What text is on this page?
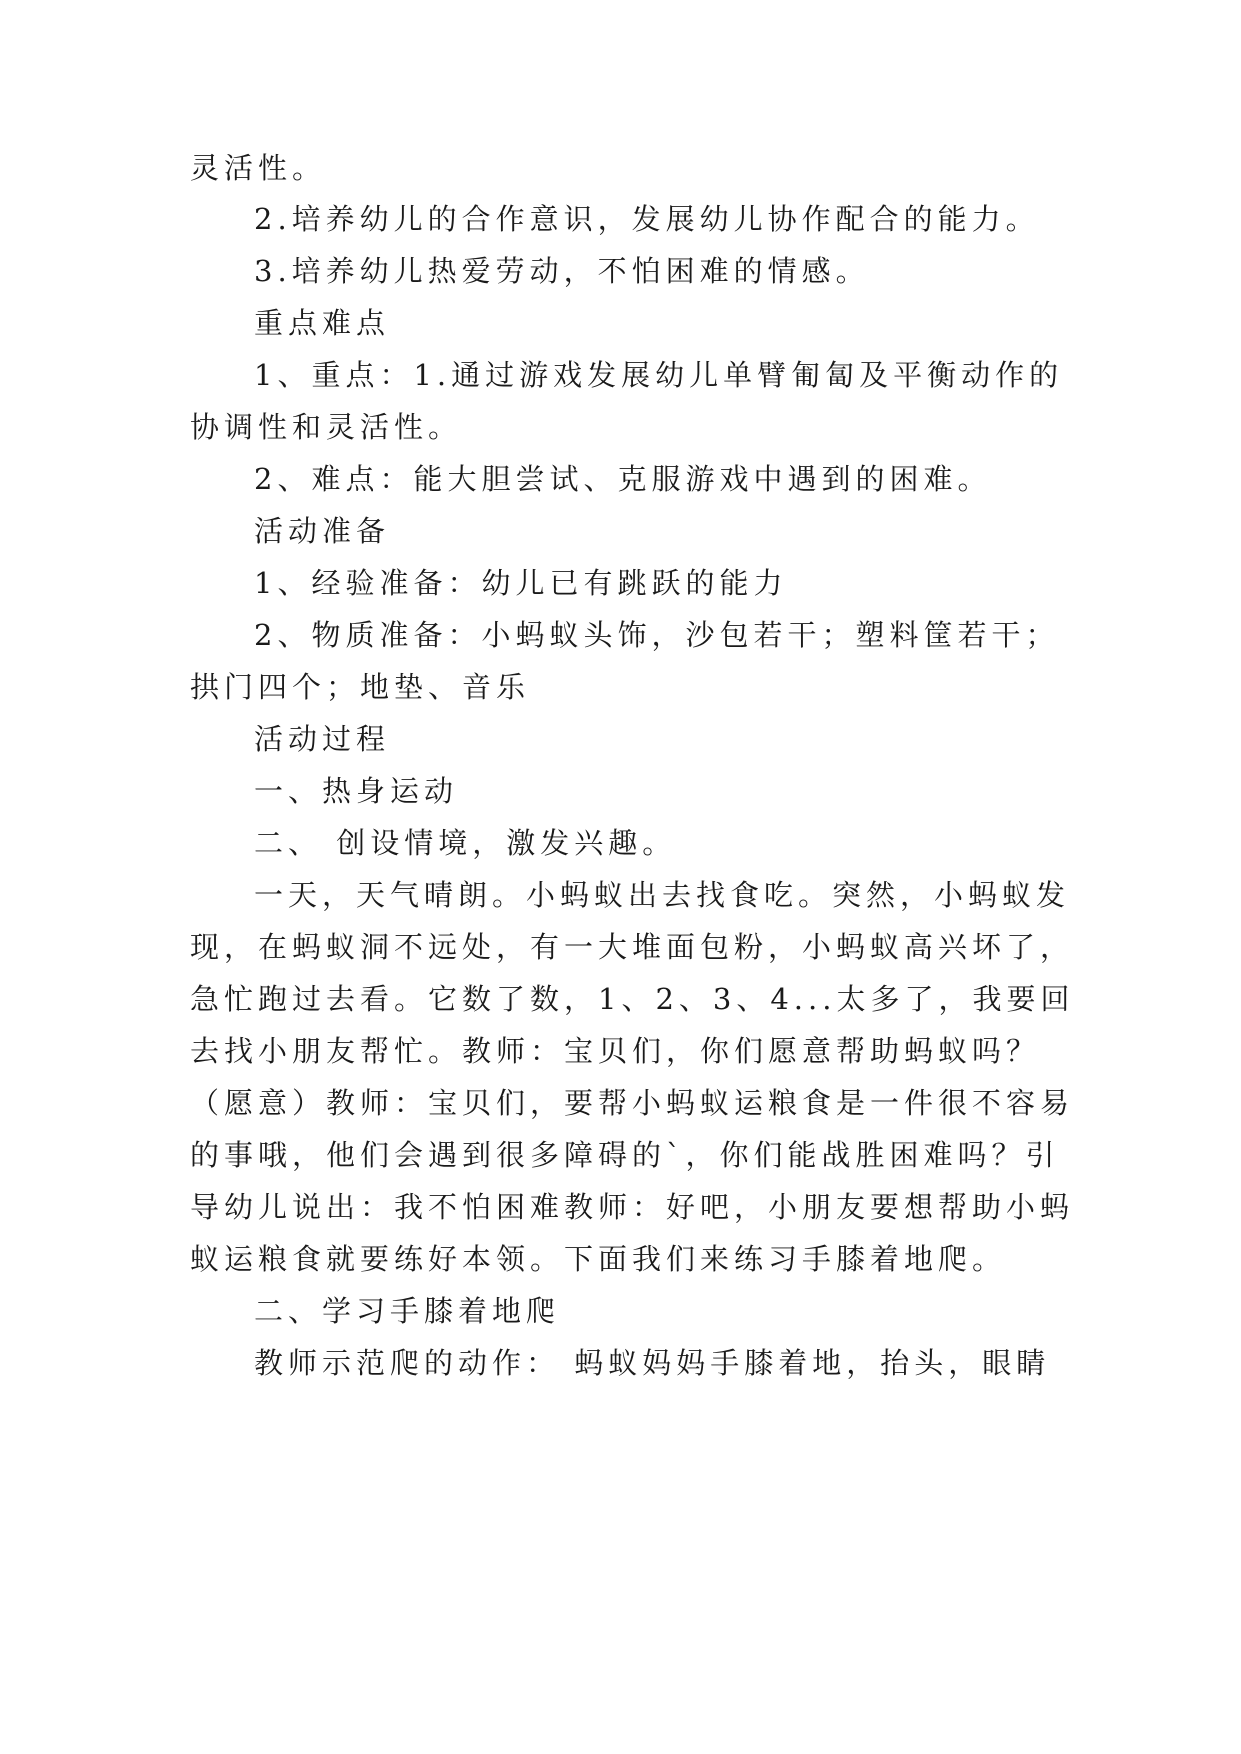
灵活性。
2.培养幼儿的合作意识，发展幼儿协作配合的能力。
3.培养幼儿热爱劳动，不怕困难的情感。
重点难点
1、重点：1.通过游戏发展幼儿单臂匍匐及平衡动作的
协调性和灵活性。
2、难点：能大胆尝试、克服游戏中遇到的困难。
活动准备
1、经验准备：幼儿已有跳跃的能力
2、物质准备：小蚂蚁头饰，沙包若干；塑料筐若干；
拱门四个；地垫、音乐
活动过程
一、热身运动
二、 创设情境，激发兴趣。
一天，天气晴朗。小蚂蚁出去找食吃。突然，小蚂蚁发
现，在蚂蚁洞不远处，有一大堆面包粉，小蚂蚁高兴坏了，
急忙跑过去看。它数了数，1、2、3、4...太多了，我要回
去找小朋友帮忙。教师：宝贝们，你们愿意帮助蚂蚁吗？
（愿意）教师：宝贝们，要帮小蚂蚁运粮食是一件很不容易
的事哦，他们会遇到很多障碍的`，你们能战胜困难吗？引
导幼儿说出：我不怕困难教师：好吧，小朋友要想帮助小蚂
蚁运粮食就要练好本领。下面我们来练习手膝着地爬。
二、学习手膝着地爬
教师示范爬的动作： 蚂蚁妈妈手膝着地，抬头，眼睛
